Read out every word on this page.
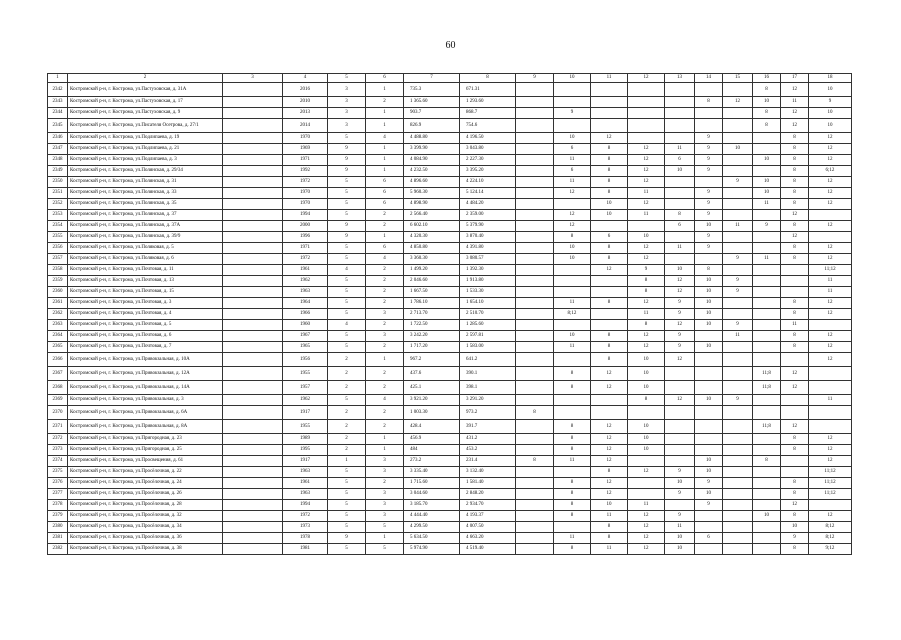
60
1	2	3	4	5	6	7	8	9	10	11	12	13	14	15	16	17	18
2342	Костромской р-н, г. Кострома, ул.Пастуховская, д. 31А		2016	3	1	735.3	671.31								8	12	10
2343	Костромской р-н, г. Кострома, ул.Пастуховская, д. 17		2010	3	2	1 365.60	1 293.60						8	12	10	11	9
2344	Костромской р-н, г. Кострома, ул.Пастуховская, д. 9		2013	3	1	903.7	868.7		9						8	12	10
2345	Костромской р-н, г. Кострома, ул.Писателя Осетрова, д. 27/1		2014	3	1	826.9	754.6								8	12	10
2346	Костромской р-н, г. Кострома, ул.Подлипаева, д. 19		1970	5	4	4 488.80	4 196.50		10	12			9			8	12
2347	Костромской р-н, г. Кострома, ул.Подлипаева, д. 21		1969	9	1	3 399.90	3 043.80		6	8	12	11	9	10		8	12
2348	Костромской р-н, г. Кострома, ул.Подлипаева, д. 3		1971	9	1	4 084.90	2 227.30		11	8	12	6	9		10	8	12
2349	Костромской р-н, г. Кострома, ул.Полянская, д. 29/34		1992	9	1	4 232.50	3 395.20		6	8	12	10	9			8	6;12
2350	Костромской р-н, г. Кострома, ул.Полянская, д. 31		1972	5	6	4 896.60	4 224.10		11	8	12			9	10	8	12
2351	Костромской р-н, г. Кострома, ул.Полянская, д. 33		1970	5	6	5 960.30	5 124.14		12	8	11		9		10	8	12
2352	Костромской р-н, г. Кострома, ул.Полянская, д. 35		1970	5	6	4 898.90	4 484.20			10	12		9		11	8	12
2353	Костромской р-н, г. Кострома, ул.Полянская, д. 37		1994	5	2	2 566.40	2 359.00		12	10	11	8	9			12	
2354	Костромской р-н, г. Кострома, ул.Полянская, д. 37А		2000	9	2	6 602.10	5 379.90		12			6	10	11	9	8	12
2355	Костромской р-н, г. Кострома, ул.Полянская, д. 39/9		1996	9	1	4 320.30	3 870.40		8	6	10		9			12	
2356	Костромской р-н, г. Кострома, ул.Поляковая, д. 5		1971	5	6	4 850.80	4 391.80		10	8	12	11	9			8	12
2357	Костромской р-н, г. Кострома, ул.Поляковая, д. 6		1972	5	4	3 360.30	3 080.57		10	8	12			9	11	8	12
2358	Костромской р-н, г. Кострома, ул.Почтовая, д. 11		1961	4	2	1 499.20	1 392.30			12	9	10	8				11;12
2359	Костромской р-н, г. Кострома, ул.Почтовая, д. 13		1962	5	2	2 046.60	1 913.80				8	12	10	9			11
2360	Костромской р-н, г. Кострома, ул.Почтовая, д. 15		1963	5	2	1 667.50	1 533.30				8	12	10	9			11
2361	Костромской р-н, г. Кострома, ул.Почтовая, д. 3		1964	5	2	1 786.10	1 654.10		11	8	12	9	10			8	12
2362	Костромской р-н, г. Кострома, ул.Почтовая, д. 4		1966	5	3	2 713.70	2 510.70		8;12		11	9	10			8	12
2363	Костромской р-н, г. Кострома, ул.Почтовая, д. 5		1960	4	2	1 722.50	1 285.60				8	12	10	9		11	
2364	Костромской р-н, г. Кострома, ул.Почтовая, д. 6		1967	5	3	3 242.20	2 597.81		10	8	12	9		11		8	12
2365	Костромской р-н, г. Кострома, ул.Почтовая, д. 7		1965	5	2	1 717.20	1 583.00		11	8	12	9	10			8	12
2366	Костромской р-н, г. Кострома, ул.Привокзальная, д. 10А		1956	2	1	967.2	641.2			8	10	12					12
2367	Костромской р-н, г. Кострома, ул.Привокзальная, д. 12А		1955	2	2	437.6	390.1		8	12	10				11;8	12	
2368	Костромской р-н, г. Кострома, ул.Привокзальная, д. 14А		1957	2	2	425.1	398.1		8	12	10				11;8	12	
2369	Костромской р-н, г. Кострома, ул.Привокзальная, д. 3		1962	5	4	3 921.20	3 291.20				8	12	10	9			11
2370	Костромской р-н, г. Кострома, ул.Привокзальная, д. 6А		1917	2	2	1 003.30	973.2	8									
2371	Костромской р-н, г. Кострома, ул.Привокзальная, д. 8А		1955	2	2	428.4	391.7		8	12	10				11;8	12	
2372	Костромской р-н, г. Кострома, ул.Пригородная, д. 23		1989	2	1	456.9	431.2		8	12	10					8	12
2373	Костромской р-н, г. Кострома, ул.Пригородная, д. 25		1995	2	1	484	453.2		8	12	10					8	12
2374	Костромской р-н, г. Кострома, ул.Просвещения, д. 61		1917	1	3	273.2	231.4	8	11	12			10		8		12
2375	Костромской р-н, г. Кострома, ул.Просёлочная, д. 22		1963	5	3	3 335.40	3 132.40			8	12	9	10				11;12
2376	Костромской р-н, г. Кострома, ул.Просёлочная, д. 24		1961	5	2	1 715.60	1 581.40		8	12		10	9			8	11;12
2377	Костромской р-н, г. Кострома, ул.Просёлочная, д. 26		1963	5	3	3 044.60	2 848.20		8	12		9	10			8	11;12
2378	Костромской р-н, г. Кострома, ул.Просёлочная, д. 28		1994	5	3	3 185.70	2 934.70		8	10	11		9			12	
2379	Костромской р-н, г. Кострома, ул.Просёлочная, д. 32		1972	5	3	4 444.40	4 193.37		8	11	12	9			10	8	12
2380	Костромской р-н, г. Кострома, ул.Просёлочная, д. 34		1973	5	5	4 299.50	4 007.50			8	12	11				10	8;12
2381	Костромской р-н, г. Кострома, ул.Просёлочная, д. 36		1978	9	1	5 634.50	4 663.20		11	8	12	10	6			9	8;12
2382	Костромской р-н, г. Кострома, ул.Просёлочная, д. 38		1981	5	5	5 974.90	4 519.40		8	11	12	10				8	9;12
